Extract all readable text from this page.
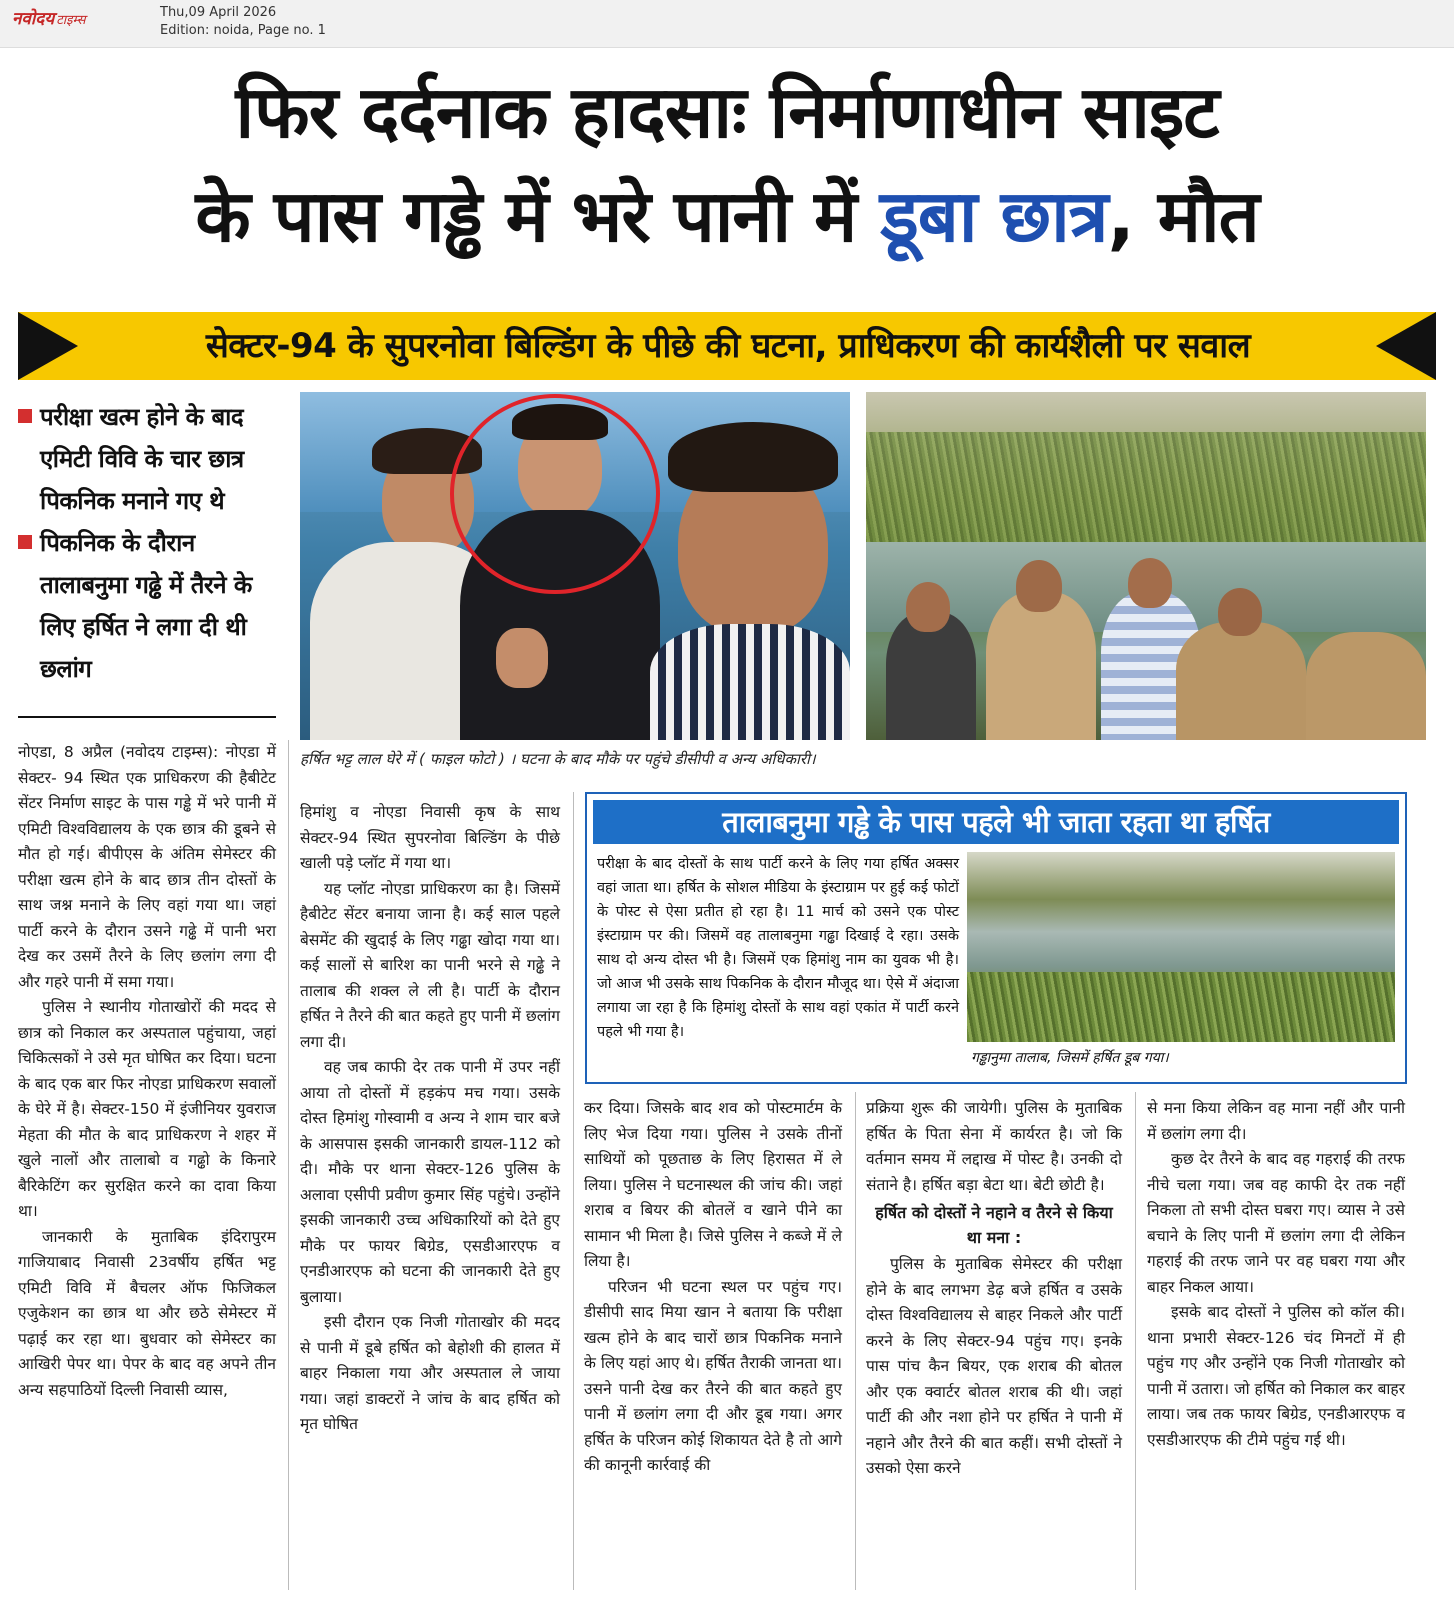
नवोदय टाइम्स
Thu,09 April 2026
Edition: noida, Page no. 1
फिर दर्दनाक हादसाः निर्माणाधीन साइट
के पास गड्ढे में भरे पानी में डूबा छात्र, मौत
सेक्टर-94 के सुपरनोवा बिल्डिंग के पीछे की घटना, प्राधिकरण की कार्यशैली पर सवाल
परीक्षा खत्म होने के बाद एमिटी विवि के चार छात्र पिकनिक मनाने गए थे
पिकनिक के दौरान तालाबनुमा गढ्ढे में तैरने के लिए हर्षित ने लगा दी थी छलांग
हर्षित भट्ट लाल घेरे में ( फाइल फोटो ) । घटना के बाद मौके पर पहुंचे डीसीपी व अन्य अधिकारी।

नोएडा, 8 अप्रैल (नवोदय टाइम्स): नोएडा में सेक्टर- 94 स्थित एक प्राधिकरण की हैबीटेट सेंटर निर्माण साइट के पास गड्ढे में भरे पानी में एमिटी विश्वविद्यालय के एक छात्र की डूबने से मौत हो गई। बीपीएस के अंतिम सेमेस्टर की परीक्षा खत्म होने के बाद छात्र तीन दोस्तों के साथ जश्न मनाने के लिए वहां गया था। जहां पार्टी करने के दौरान उसने गढ्ढे में पानी भरा देख कर उसमें तैरने के लिए छलांग लगा दी और गहरे पानी में समा गया।

पुलिस ने स्थानीय गोताखोरों की मदद से छात्र को निकाल कर अस्पताल पहुंचाया, जहां चिकित्सकों ने उसे मृत घोषित कर दिया। घटना के बाद एक बार फिर नोएडा प्राधिकरण सवालों के घेरे में है। सेक्टर-150 में इंजीनियर युवराज मेहता की मौत के बाद प्राधिकरण ने शहर में खुले नालों और तालाबो व गढ्ढो के किनारे बैरिकेटिंग कर सुरक्षित करने का दावा किया था।

जानकारी के मुताबिक इंदिरापुरम गाजियाबाद निवासी 23वर्षीय हर्षित भट्ट एमिटी विवि में बैचलर ऑफ फिजिकल एजुकेशन का छात्र था और छठे सेमेस्टर में पढ़ाई कर रहा था। बुधवार को सेमेस्टर का आखिरी पेपर था। पेपर के बाद वह अपने तीन अन्य सहपाठियों दिल्ली निवासी व्यास,

हिमांशु व नोएडा निवासी कृष के साथ सेक्टर-94 स्थित सुपरनोवा बिल्डिंग के पीछे खाली पड़े प्लॉट में गया था।

यह प्लॉट नोएडा प्राधिकरण का है। जिसमें हैबीटेट सेंटर बनाया जाना है। कई साल पहले बेसमेंट की खुदाई के लिए गढ्ढा खोदा गया था। कई सालों से बारिश का पानी भरने से गढ्ढे ने तालाब की शक्ल ले ली है। पार्टी के दौरान हर्षित ने तैरने की बात कहते हुए पानी में छलांग लगा दी।

वह जब काफी देर तक पानी में उपर नहीं आया तो दोस्तों में हड़कंप मच गया। उसके दोस्त हिमांशु गोस्वामी व अन्य ने शाम चार बजे के आसपास इसकी जानकारी डायल-112 को दी। मौके पर थाना सेक्टर-126 पुलिस के अलावा एसीपी प्रवीण कुमार सिंह पहुंचे। उन्होंने इसकी जानकारी उच्च अधिकारियों को देते हुए मौके पर फायर बिग्रेड, एसडीआरएफ व एनडीआरएफ को घटना की जानकारी देते हुए बुलाया।

इसी दौरान एक निजी गोताखोर की मदद से पानी में डूबे हर्षित को बेहोशी की हालत में बाहर निकाला गया और अस्पताल ले जाया गया। जहां डाक्टरों ने जांच के बाद हर्षित को मृत घोषित

तालाबनुमा गड्ढे के पास पहले भी जाता रहता था हर्षित
परीक्षा के बाद दोस्तों के साथ पार्टी करने के लिए गया हर्षित अक्सर वहां जाता था। हर्षित के सोशल मीडिया के इंस्टाग्राम पर हुई कई फोटों के पोस्ट से ऐसा प्रतीत हो रहा है। 11 मार्च को उसने एक पोस्ट इंस्टाग्राम पर की। जिसमें वह तालाबनुमा गढ्ढा दिखाई दे रहा। उसके साथ दो अन्य दोस्त भी है। जिसमें एक हिमांशु नाम का युवक भी है। जो आज भी उसके साथ पिकनिक के दौरान मौजूद था। ऐसे में अंदाजा लगाया जा रहा है कि हिमांशु दोस्तों के साथ वहां एकांत में पार्टी करने पहले भी गया है।
गड्ढानुमा तालाब, जिसमें हर्षित डूब गया।

कर दिया। जिसके बाद शव को पोस्टमार्टम के लिए भेज दिया गया। पुलिस ने उसके तीनों साथियों को पूछताछ के लिए हिरासत में ले लिया। पुलिस ने घटनास्थल की जांच की। जहां शराब व बियर की बोतलें व खाने पीने का सामान भी मिला है। जिसे पुलिस ने कब्जे में ले लिया है।

परिजन भी घटना स्थल पर पहुंच गए। डीसीपी साद मिया खान ने बताया कि परीक्षा खत्म होने के बाद चारों छात्र पिकनिक मनाने के लिए यहां आए थे। हर्षित तैराकी जानता था। उसने पानी देख कर तैरने की बात कहते हुए पानी में छलांग लगा दी और डूब गया। अगर हर्षित के परिजन कोई शिकायत देते है तो आगे की कानूनी कार्रवाई की

प्रक्रिया शुरू की जायेगी। पुलिस के मुताबिक हर्षित के पिता सेना में कार्यरत है। जो कि वर्तमान समय में लद्दाख में पोस्ट है। उनकी दो संताने है। हर्षित बड़ा बेटा था। बेटी छोटी है।

हर्षित को दोस्तों ने नहाने व तैरने से किया था मना :

पुलिस के मुताबिक सेमेस्टर की परीक्षा होने के बाद लगभग डेढ़ बजे हर्षित व उसके दोस्त विश्वविद्यालय से बाहर निकले और पार्टी करने के लिए सेक्टर-94 पहुंच गए। इनके पास पांच कैन बियर, एक शराब की बोतल और एक क्वार्टर बोतल शराब की थी। जहां पार्टी की और नशा होने पर हर्षित ने पानी में नहाने और तैरने की बात कहीं। सभी दोस्तों ने उसको ऐसा करने

से मना किया लेकिन वह माना नहीं और पानी में छलांग लगा दी।

कुछ देर तैरने के बाद वह गहराई की तरफ नीचे चला गया। जब वह काफी देर तक नहीं निकला तो सभी दोस्त घबरा गए। व्यास ने उसे बचाने के लिए पानी में छलांग लगा दी लेकिन गहराई की तरफ जाने पर वह घबरा गया और बाहर निकल आया।

इसके बाद दोस्तों ने पुलिस को कॉल की। थाना प्रभारी सेक्टर-126 चंद मिनटों में ही पहुंच गए और उन्होंने एक निजी गोताखोर को पानी में उतारा। जो हर्षित को निकाल कर बाहर लाया। जब तक फायर बिग्रेड, एनडीआरएफ व एसडीआरएफ की टीमे पहुंच गई थी।
